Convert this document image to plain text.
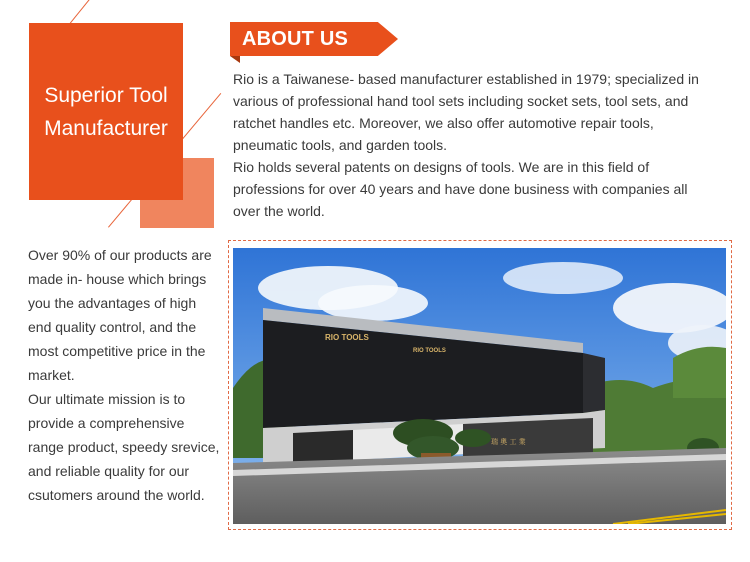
Superior Tool
Manufacturer
ABOUT US

Rio is a Taiwanese- based manufacturer established in 1979; specialized in

various of professional hand tool sets including socket sets, tool sets, and

ratchet handles etc. Moreover, we also offer automotive repair tools,

pneumatic tools, and garden tools.

Rio holds several patents on designs of tools. We are in this field of

professions for over 40 years and have done business with companies all

over the world.

Over 90% of our products are

made in- house which brings

you the advantages of high

end quality control, and the

most competitive price in the

market.

Our ultimate mission is to

provide a comprehensive

range product, speedy srevice,

and reliable quality for our

csutomers around the world.

RIO TOOLS
RIO TOOLS
瑞 奧 工 業
